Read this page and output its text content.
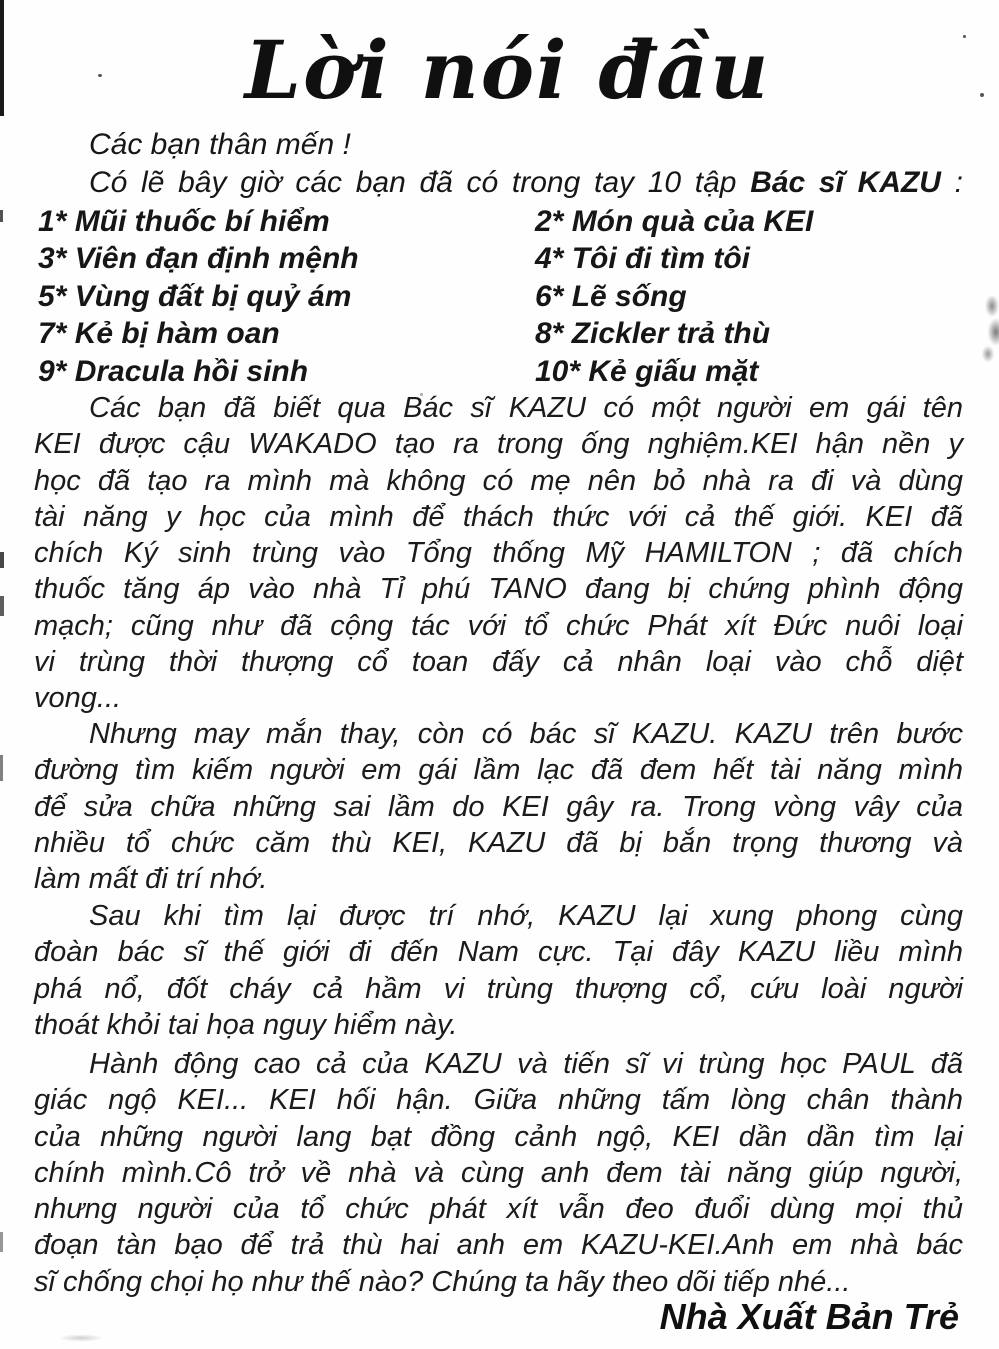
Lời nói đầu
Các bạn thân mến !
Có lẽ bây giờ các bạn đã có trong tay 10 tập Bác sĩ KAZU :
1* Mũi thuốc bí hiểm	2* Món quà của KEI
3* Viên đạn định mệnh	4* Tôi đi tìm tôi
5* Vùng đất bị quỷ ám	6* Lẽ sống
7* Kẻ bị hàm oan	8* Zickler trả thù
9* Dracula hồi sinh	10* Kẻ giấu mặt
Các bạn đã biết qua Bác sĩ KAZU có một người em gái tên
KEI được cậu WAKADO tạo ra trong ống nghiệm.KEI hận nền y
học đã tạo ra mình mà không có mẹ nên bỏ nhà ra đi và dùng
tài năng y học của mình để thách thức với cả thế giới. KEI đã
chích Ký sinh trùng vào Tổng thống Mỹ HAMILTON ; đã chích
thuốc tăng áp vào nhà Tỉ phú TANO đang bị chứng phình động
mạch; cũng như đã cộng tác với tổ chức Phát xít Đức nuôi loại
vi trùng thời thượng cổ toan đấy cả nhân loại vào chỗ diệt
vong...
Nhưng may mắn thay, còn có bác sĩ KAZU. KAZU trên bước
đường tìm kiếm người em gái lầm lạc đã đem hết tài năng mình
để sửa chữa những sai lầm do KEI gây ra. Trong vòng vây của
nhiều tổ chức căm thù KEI, KAZU đã bị bắn trọng thương và
làm mất đi trí nhớ.
Sau khi tìm lại được trí nhớ, KAZU lại xung phong cùng
đoàn bác sĩ thế giới đi đến Nam cực. Tại đây KAZU liều mình
phá nổ, đốt cháy cả hầm vi trùng thượng cổ, cứu loài người
thoát khỏi tai họa nguy hiểm này.
Hành động cao cả của KAZU và tiến sĩ vi trùng học PAUL đã
giác ngộ KEI... KEI hối hận. Giữa những tấm lòng chân thành
của những người lang bạt đồng cảnh ngộ, KEI dần dần tìm lại
chính mình.Cô trở về nhà và cùng anh đem tài năng giúp người,
nhưng người của tổ chức phát xít vẫn đeo đuổi dùng mọi thủ
đoạn tàn bạo để trả thù hai anh em KAZU-KEI.Anh em nhà bác
sĩ chống chọi họ như thế nào? Chúng ta hãy theo dõi tiếp nhé...
Nhà Xuất Bản Trẻ
